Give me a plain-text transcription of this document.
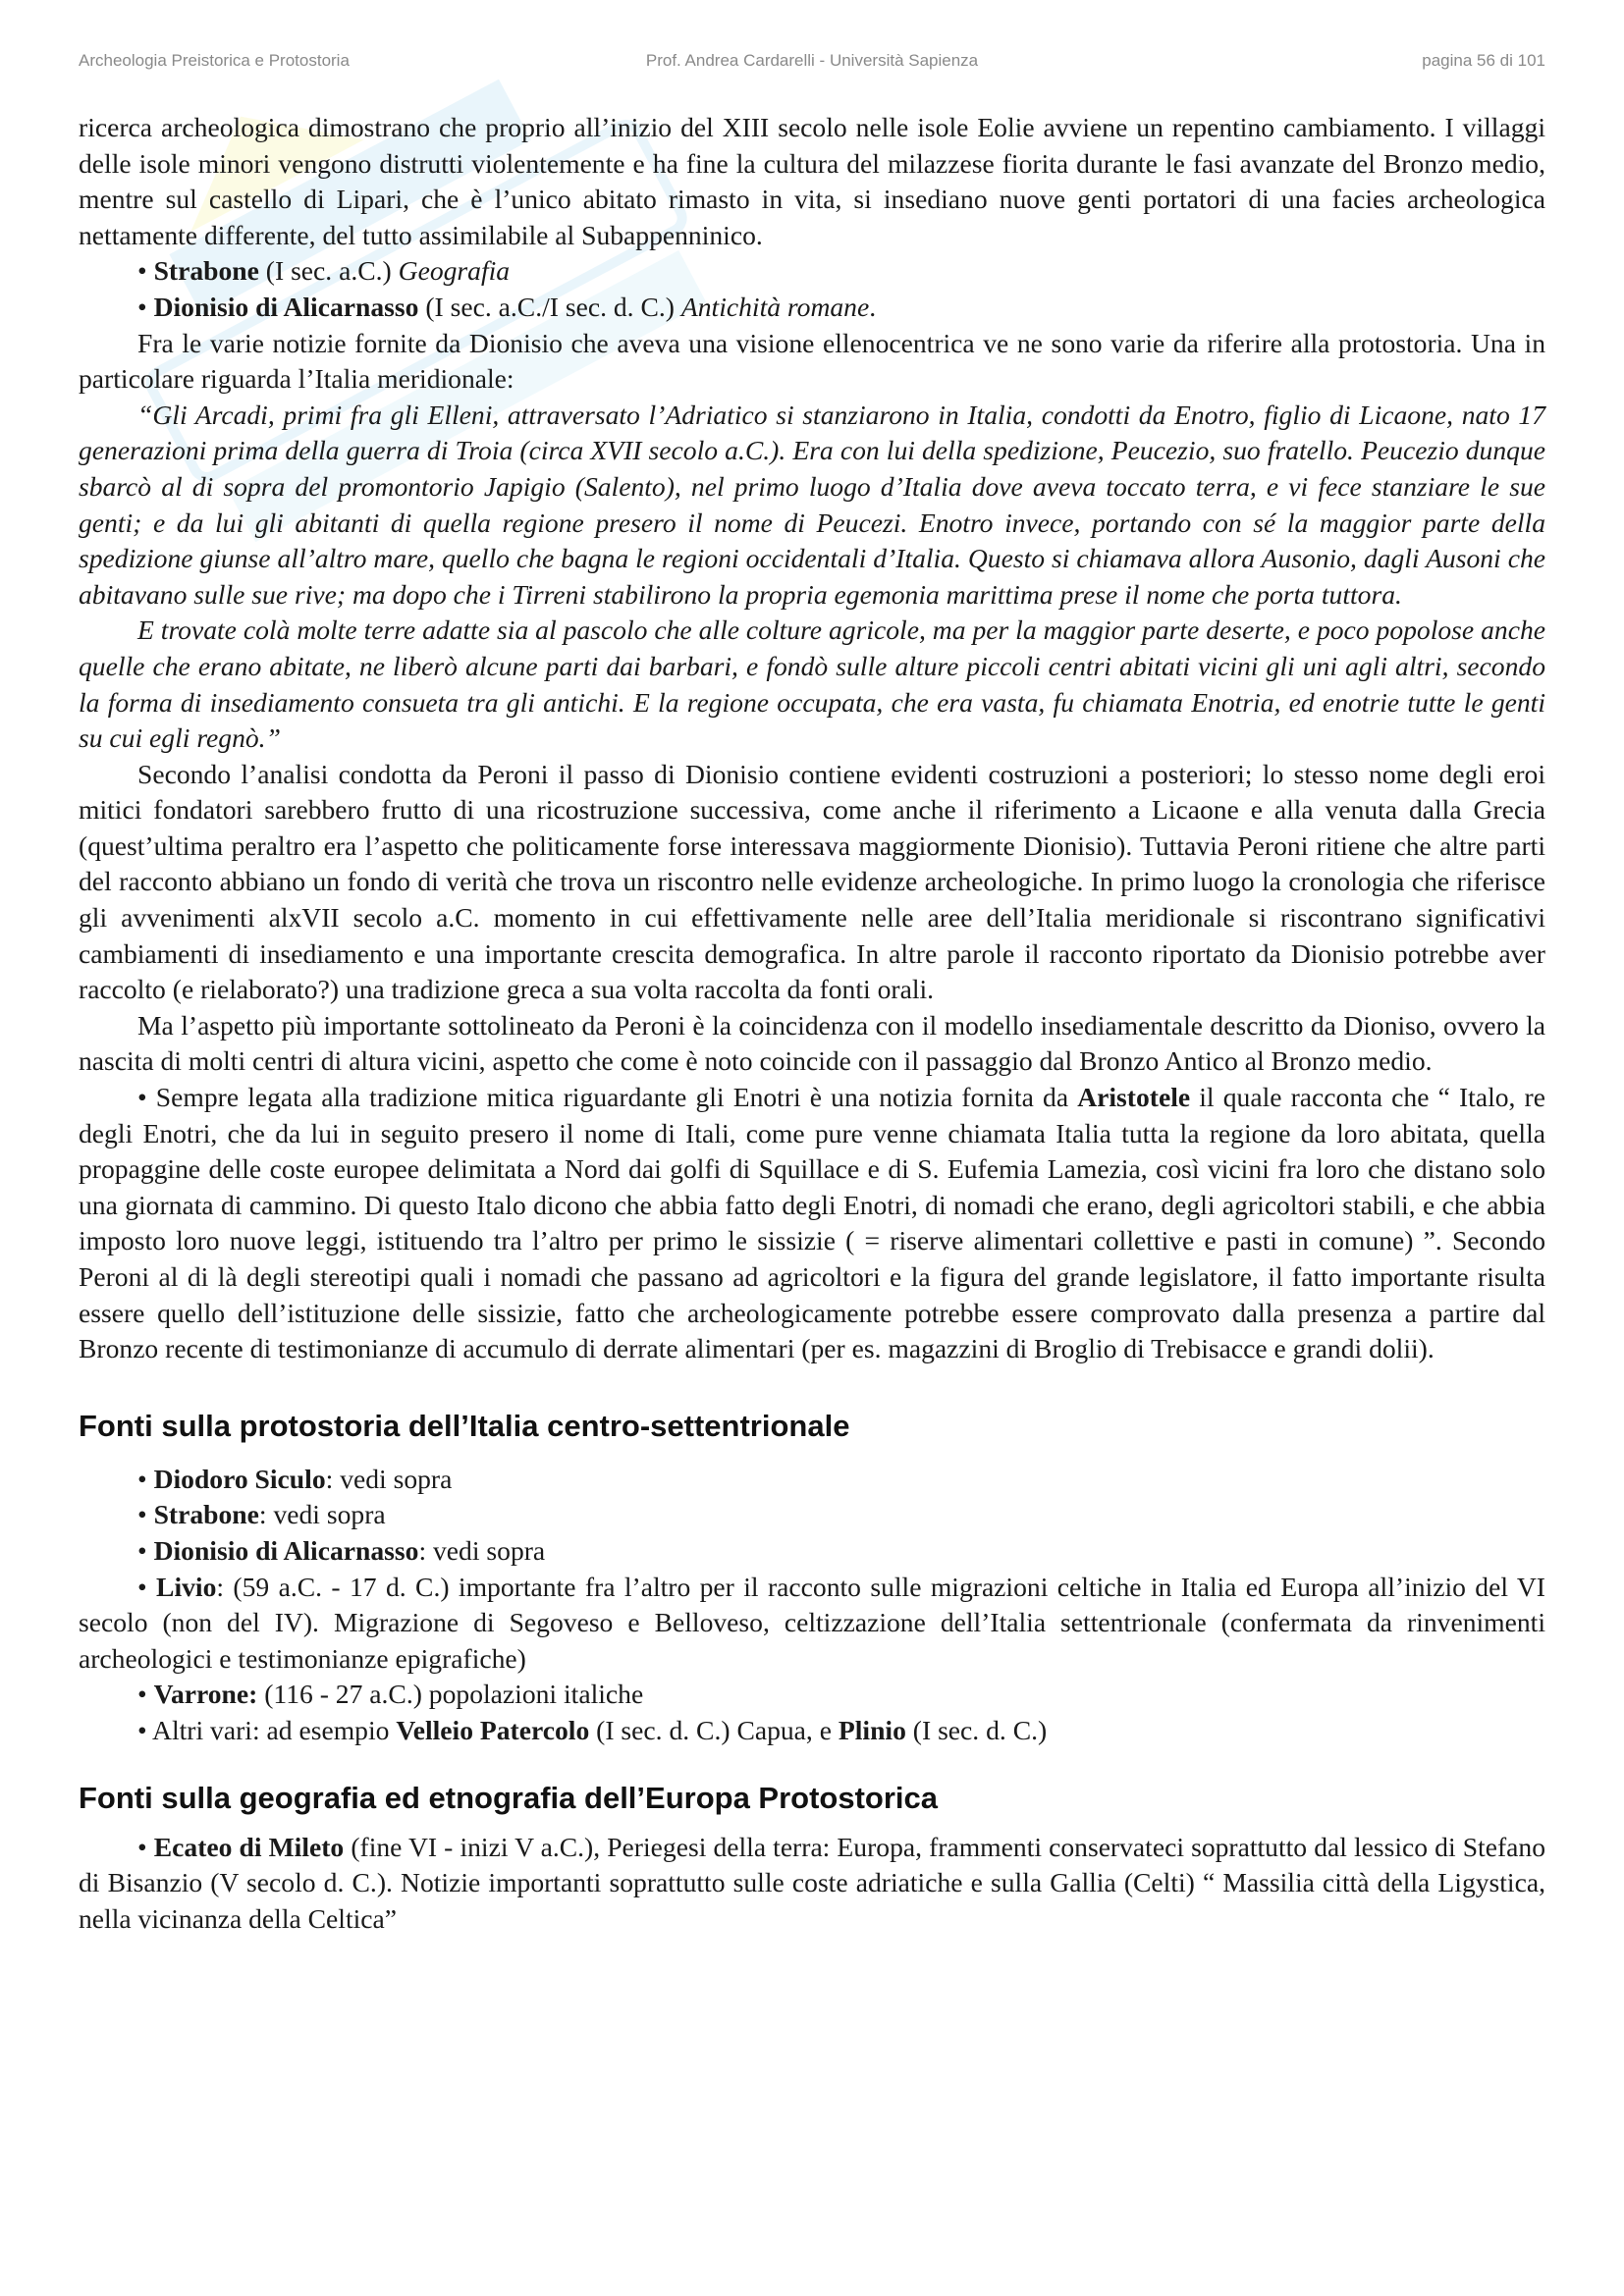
Archeologia Preistorica e Protostoria	Prof. Andrea Cardarelli - Università Sapienza	pagina 56 di 101

ricerca archeologica dimostrano che proprio all’inizio del XIII secolo nelle isole Eolie avviene un repentino cambiamento. I villaggi delle isole minori vengono distrutti violentemente e ha fine la cultura del milazzese fiorita durante le fasi avanzate del Bronzo medio, mentre sul castello di Lipari, che è l’unico abitato rimasto in vita, si insediano nuove genti portatori di una facies archeologica nettamente differente, del tutto assimilabile al Subappenninico.

• Strabone (I sec. a.C.) Geografia

• Dionisio di Alicarnasso (I sec. a.C./I sec. d. C.) Antichità romane.

Fra le varie notizie fornite da Dionisio che aveva una visione ellenocentrica ve ne sono varie da riferire alla protostoria. Una in particolare riguarda l’Italia meridionale:

“Gli Arcadi, primi fra gli Elleni, attraversato l’Adriatico si stanziarono in Italia, condotti da Enotro, figlio di Licaone, nato 17 generazioni prima della guerra di Troia (circa XVII secolo a.C.). Era con lui della spedizione, Peucezio, suo fratello. Peucezio dunque sbarcò al di sopra del promontorio Japigio (Salento), nel primo luogo d’Italia dove aveva toccato terra, e vi fece stanziare le sue genti; e da lui gli abitanti di quella regione presero il nome di Peucezi. Enotro invece, portando con sé la maggior parte della spedizione giunse all’altro mare, quello che bagna le regioni occidentali d’Italia. Questo si chiamava allora Ausonio, dagli Ausoni che abitavano sulle sue rive; ma dopo che i Tirreni stabilirono la propria egemonia marittima prese il nome che porta tuttora.

E trovate colà molte terre adatte sia al pascolo che alle colture agricole, ma per la maggior parte deserte, e poco popolose anche quelle che erano abitate, ne liberò alcune parti dai barbari, e fondò sulle alture piccoli centri abitati vicini gli uni agli altri, secondo la forma di insediamento consueta tra gli antichi. E la regione occupata, che era vasta, fu chiamata Enotria, ed enotrie tutte le genti su cui egli regnò.”

Secondo l’analisi condotta da Peroni il passo di Dionisio contiene evidenti costruzioni a posteriori; lo stesso nome degli eroi mitici fondatori sarebbero frutto di una ricostruzione successiva, come anche il riferimento a Licaone e alla venuta dalla Grecia (quest’ultima peraltro era l’aspetto che politicamente forse interessava maggiormente Dionisio). Tuttavia Peroni ritiene che altre parti del racconto abbiano un fondo di verità che trova un riscontro nelle evidenze archeologiche. In primo luogo la cronologia che riferisce gli avvenimenti alxVII secolo a.C. momento in cui effettivamente nelle aree dell’Italia meridionale si riscontrano significativi cambiamenti di insediamento e una importante crescita demografica. In altre parole il racconto riportato da Dionisio potrebbe aver raccolto (e rielaborato?) una tradizione greca a sua volta raccolta da fonti orali.

Ma l’aspetto più importante sottolineato da Peroni è la coincidenza con il modello insediamentale descritto da Dioniso, ovvero la nascita di molti centri di altura vicini, aspetto che come è noto coincide con il passaggio dal Bronzo Antico al Bronzo medio.

• Sempre legata alla tradizione mitica riguardante gli Enotri è una notizia fornita da Aristotele il quale racconta che “ Italo, re degli Enotri, che da lui in seguito presero il nome di Itali, come pure venne chiamata Italia tutta la regione da loro abitata, quella propaggine delle coste europee delimitata a Nord dai golfi di Squillace e di S. Eufemia Lamezia, così vicini fra loro che distano solo una giornata di cammino. Di questo Italo dicono che abbia fatto degli Enotri, di nomadi che erano, degli agricoltori stabili, e che abbia imposto loro nuove leggi, istituendo tra l’altro per primo le sissizie ( = riserve alimentari collettive e pasti in comune) ”. Secondo Peroni al di là degli stereotipi quali i nomadi che passano ad agricoltori e la figura del grande legislatore, il fatto importante risulta essere quello dell’istituzione delle sissizie, fatto che archeologicamente potrebbe essere comprovato dalla presenza a partire dal Bronzo recente di testimonianze di accumulo di derrate alimentari (per es. magazzini di Broglio di Trebisacce e grandi dolii).

Fonti sulla protostoria dell’Italia centro-settentrionale

• Diodoro Siculo: vedi sopra

• Strabone: vedi sopra

• Dionisio di Alicarnasso: vedi sopra

• Livio: (59 a.C. - 17 d. C.) importante fra l’altro per il racconto sulle migrazioni celtiche in Italia ed Europa all’inizio del VI secolo (non del IV). Migrazione di Segoveso e Belloveso, celtizzazione dell’Italia settentrionale (confermata da rinvenimenti archeologici e testimonianze epigrafiche)

• Varrone: (116 - 27 a.C.) popolazioni italiche

• Altri vari: ad esempio Velleio Patercolo (I sec. d. C.) Capua, e Plinio (I sec. d. C.)

Fonti sulla geografia ed etnografia dell’Europa Protostorica

• Ecateo di Mileto (fine VI - inizi V a.C.), Periegesi della terra: Europa, frammenti conservateci soprattutto dal lessico di Stefano di Bisanzio (V secolo d. C.). Notizie importanti soprattutto sulle coste adriatiche e sulla Gallia (Celti) “ Massilia città della Ligystica, nella vicinanza della Celtica”
